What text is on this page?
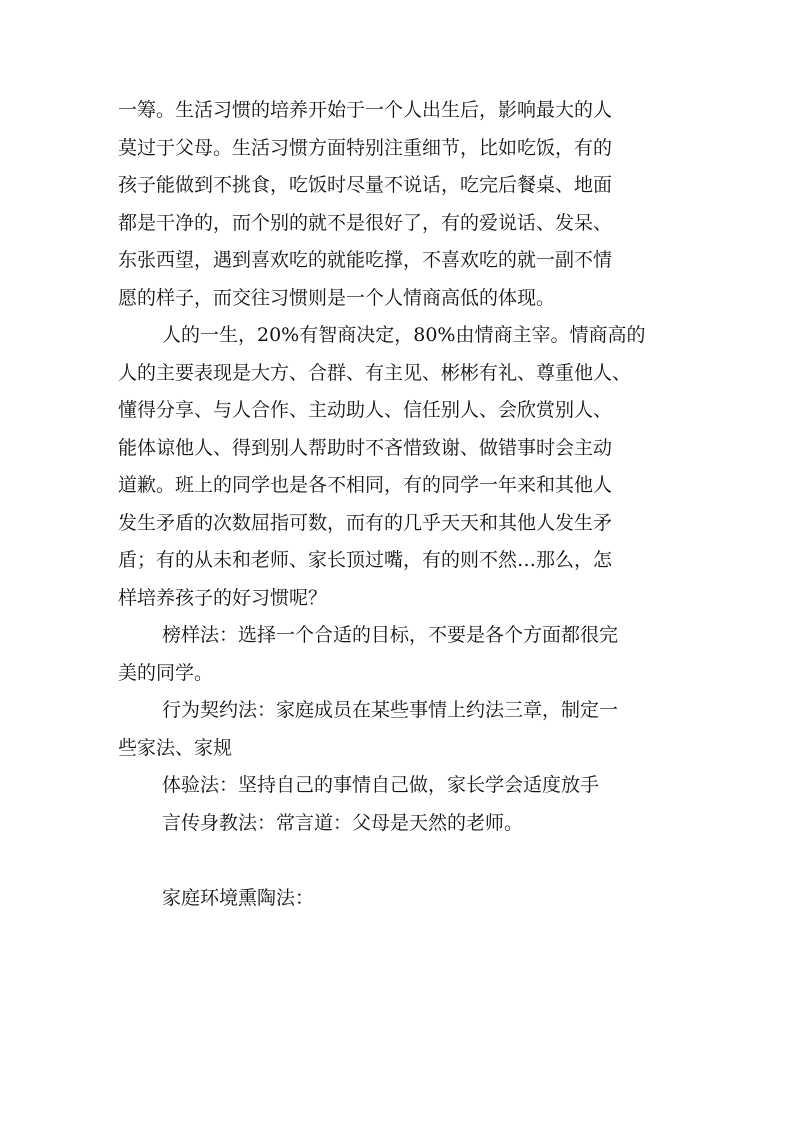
一筹。生活习惯的培养开始于一个人出生后，影响最大的人
莫过于父母。生活习惯方面特别注重细节，比如吃饭，有的
孩子能做到不挑食，吃饭时尽量不说话，吃完后餐桌、地面
都是干净的，而个别的就不是很好了，有的爱说话、发呆、
东张西望，遇到喜欢吃的就能吃撑，不喜欢吃的就一副不情
愿的样子，而交往习惯则是一个人情商高低的体现。
人的一生，20%有智商决定，80%由情商主宰。情商高的
人的主要表现是大方、合群、有主见、彬彬有礼、尊重他人、
懂得分享、与人合作、主动助人、信任别人、会欣赏别人、
能体谅他人、得到别人帮助时不吝惜致谢、做错事时会主动
道歉。班上的同学也是各不相同，有的同学一年来和其他人
发生矛盾的次数屈指可数，而有的几乎天天和其他人发生矛
盾；有的从未和老师、家长顶过嘴，有的则不然…那么，怎
样培养孩子的好习惯呢？
榜样法：选择一个合适的目标，不要是各个方面都很完
美的同学。
行为契约法：家庭成员在某些事情上约法三章，制定一
些家法、家规
体验法：坚持自己的事情自己做，家长学会适度放手
言传身教法：常言道：父母是天然的老师。
家庭环境熏陶法：
